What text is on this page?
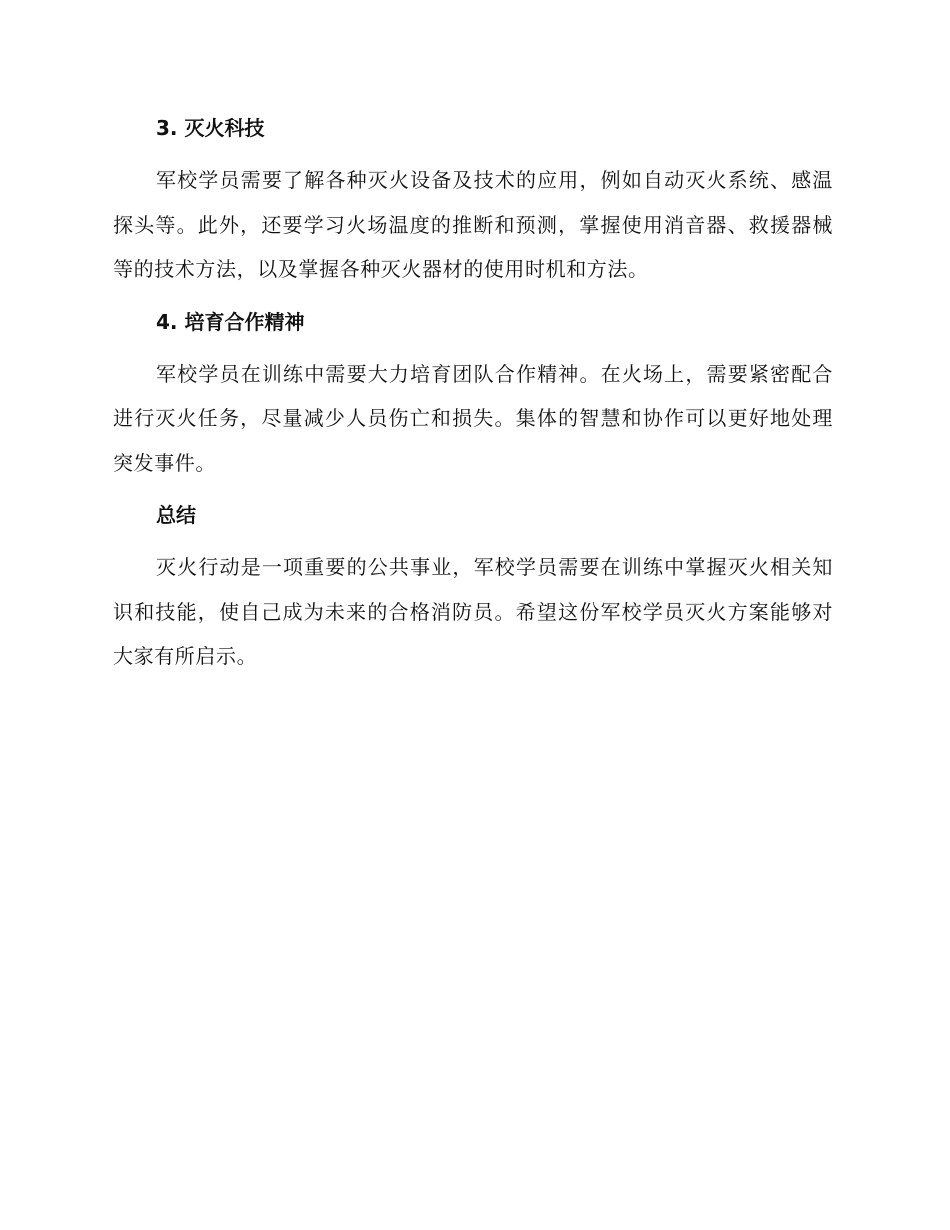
3. 灭火科技

军校学员需要了解各种灭火设备及技术的应用，例如自动灭火系统、感温探头等。此外，还要学习火场温度的推断和预测，掌握使用消音器、救援器械等的技术方法，以及掌握各种灭火器材的使用时机和方法。

4. 培育合作精神

军校学员在训练中需要大力培育团队合作精神。在火场上，需要紧密配合进行灭火任务，尽量减少人员伤亡和损失。集体的智慧和协作可以更好地处理突发事件。

总结

灭火行动是一项重要的公共事业，军校学员需要在训练中掌握灭火相关知识和技能，使自己成为未来的合格消防员。希望这份军校学员灭火方案能够对大家有所启示。
